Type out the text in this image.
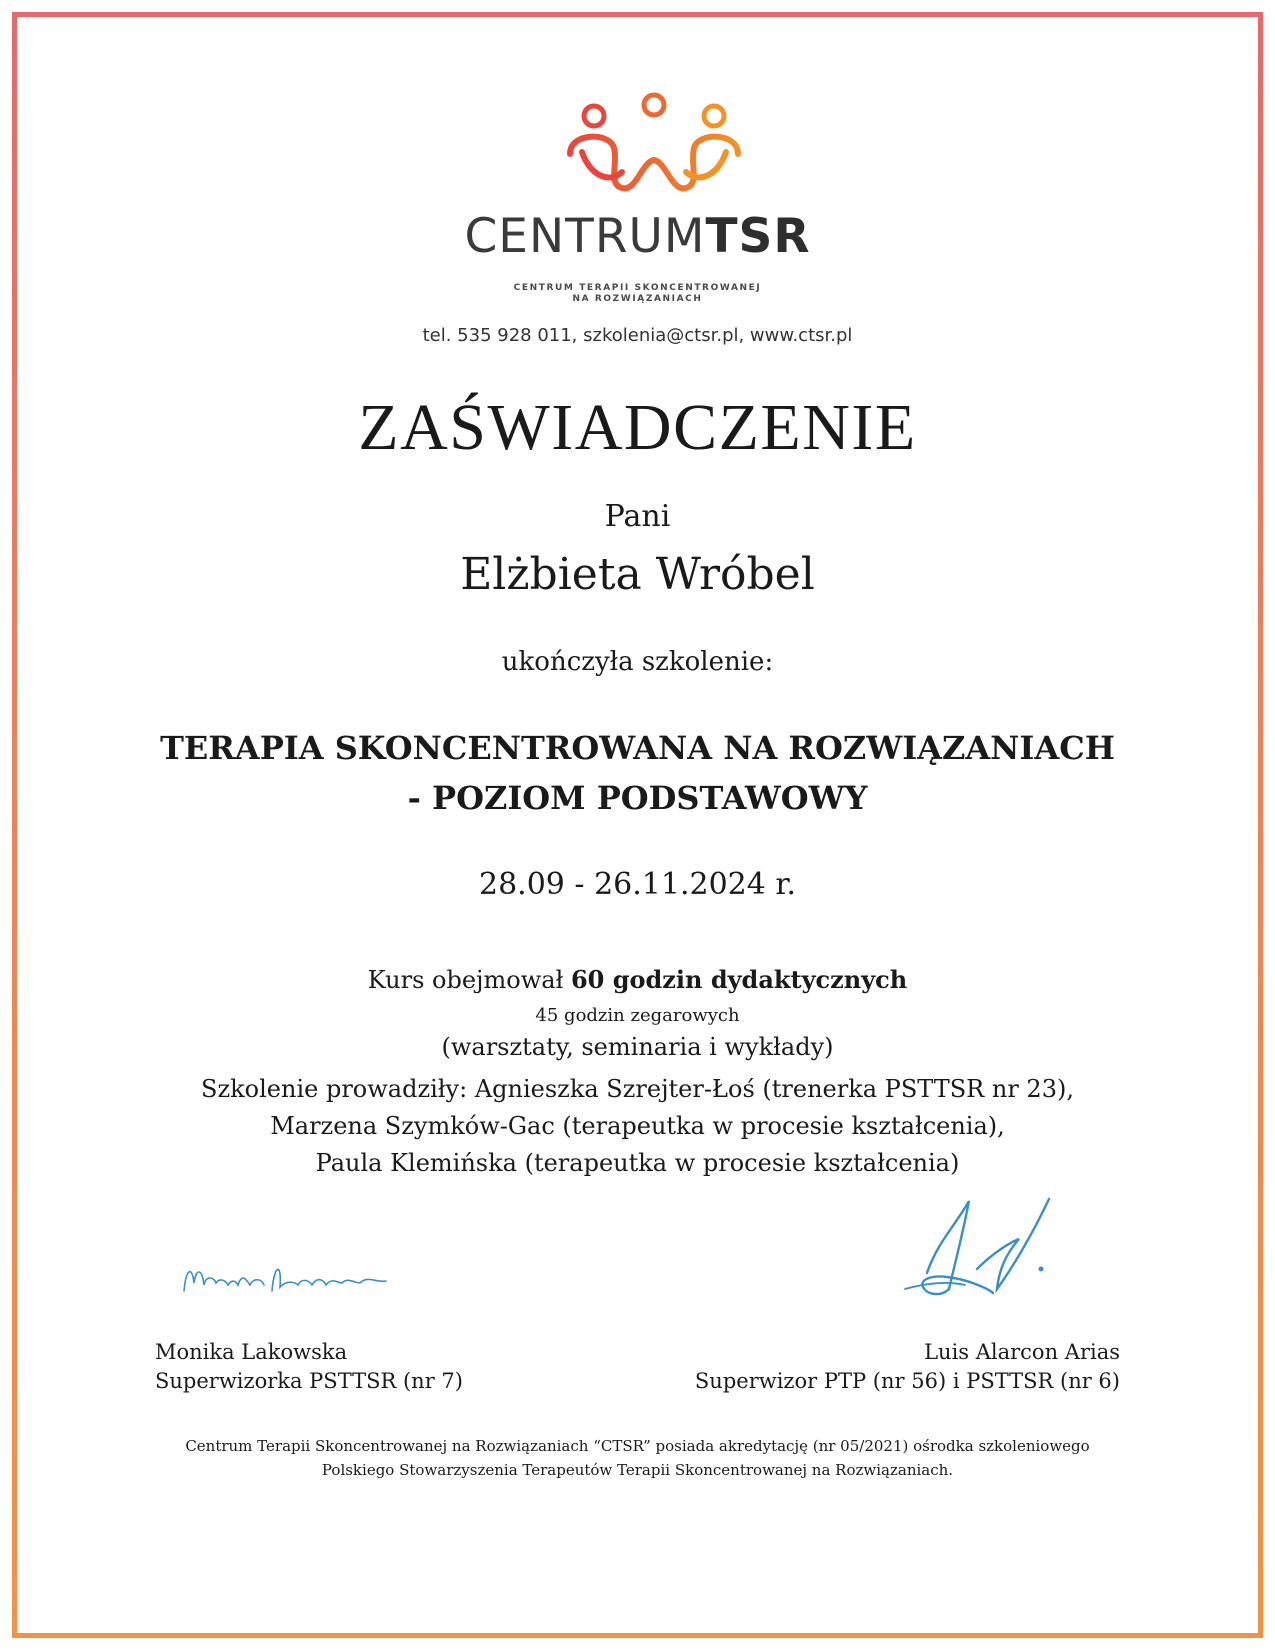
CENTRUMTSR
CENTRUM TERAPII SKONCENTROWANEJ
NA ROZWIĄZANIACH
tel. 535 928 011, szkolenia@ctsr.pl, www.ctsr.pl
ZAŚWIADCZENIE
Pani
Elżbieta Wróbel
ukończyła szkolenie:
TERAPIA SKONCENTROWANA NA ROZWIĄZANIACH
- POZIOM PODSTAWOWY
28.09 - 26.11.2024 r.
Kurs obejmował 60 godzin dydaktycznych
45 godzin zegarowych
(warsztaty, seminaria i wykłady)
Szkolenie prowadziły: Agnieszka Szrejter-Łoś (trenerka PSTTSR nr 23),
Marzena Szymków-Gac (terapeutka w procesie kształcenia),
Paula Klemińska (terapeutka w procesie kształcenia)
Monika Lakowska
Superwizorka PSTTSR (nr 7)
Luis Alarcon Arias
Superwizor PTP (nr 56) i PSTTSR (nr 6)
Centrum Terapii Skoncentrowanej na Rozwiązaniach “CTSR” posiada akredytację (nr 05/2021) ośrodka szkoleniowego
Polskiego Stowarzyszenia Terapeutów Terapii Skoncentrowanej na Rozwiązaniach.
